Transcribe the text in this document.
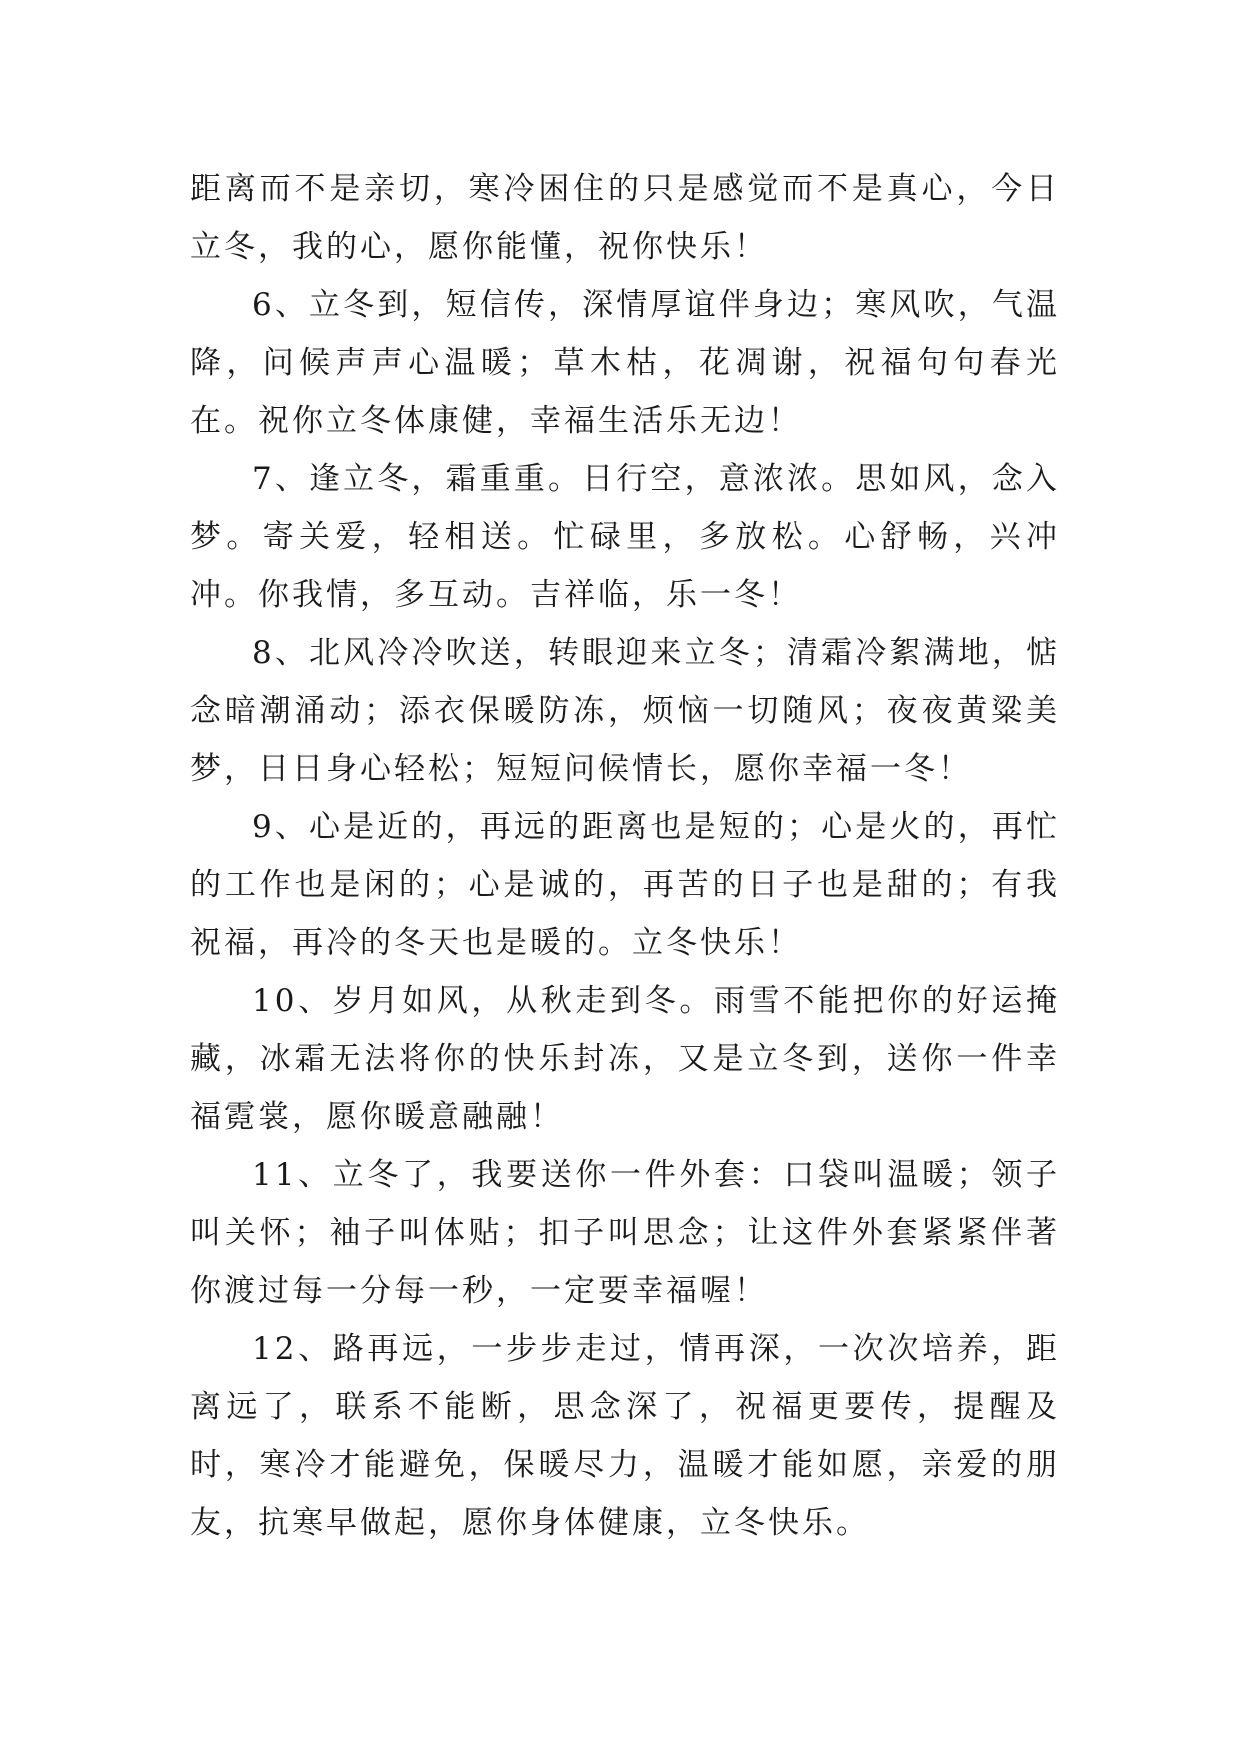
距离而不是亲切，寒冷困住的只是感觉而不是真心，今日立冬，我的心，愿你能懂，祝你快乐！

6、立冬到，短信传，深情厚谊伴身边；寒风吹，气温降，问候声声心温暖；草木枯，花凋谢，祝福句句春光在。祝你立冬体康健，幸福生活乐无边！

7、逢立冬，霜重重。日行空，意浓浓。思如风，念入梦。寄关爱，轻相送。忙碌里，多放松。心舒畅，兴冲冲。你我情，多互动。吉祥临，乐一冬！

8、北风冷冷吹送，转眼迎来立冬；清霜冷絮满地，惦念暗潮涌动；添衣保暖防冻，烦恼一切随风；夜夜黄粱美梦，日日身心轻松；短短问候情长，愿你幸福一冬！

9、心是近的，再远的距离也是短的；心是火的，再忙的工作也是闲的；心是诚的，再苦的日子也是甜的；有我祝福，再冷的冬天也是暖的。立冬快乐！

10、岁月如风，从秋走到冬。雨雪不能把你的好运掩藏，冰霜无法将你的快乐封冻，又是立冬到，送你一件幸福霓裳，愿你暖意融融！

11、立冬了，我要送你一件外套：口袋叫温暖；领子叫关怀；袖子叫体贴；扣子叫思念；让这件外套紧紧伴著你渡过每一分每一秒，一定要幸福喔！

12、路再远，一步步走过，情再深，一次次培养，距离远了，联系不能断，思念深了，祝福更要传，提醒及时，寒冷才能避免，保暖尽力，温暖才能如愿，亲爱的朋友，抗寒早做起，愿你身体健康，立冬快乐。
